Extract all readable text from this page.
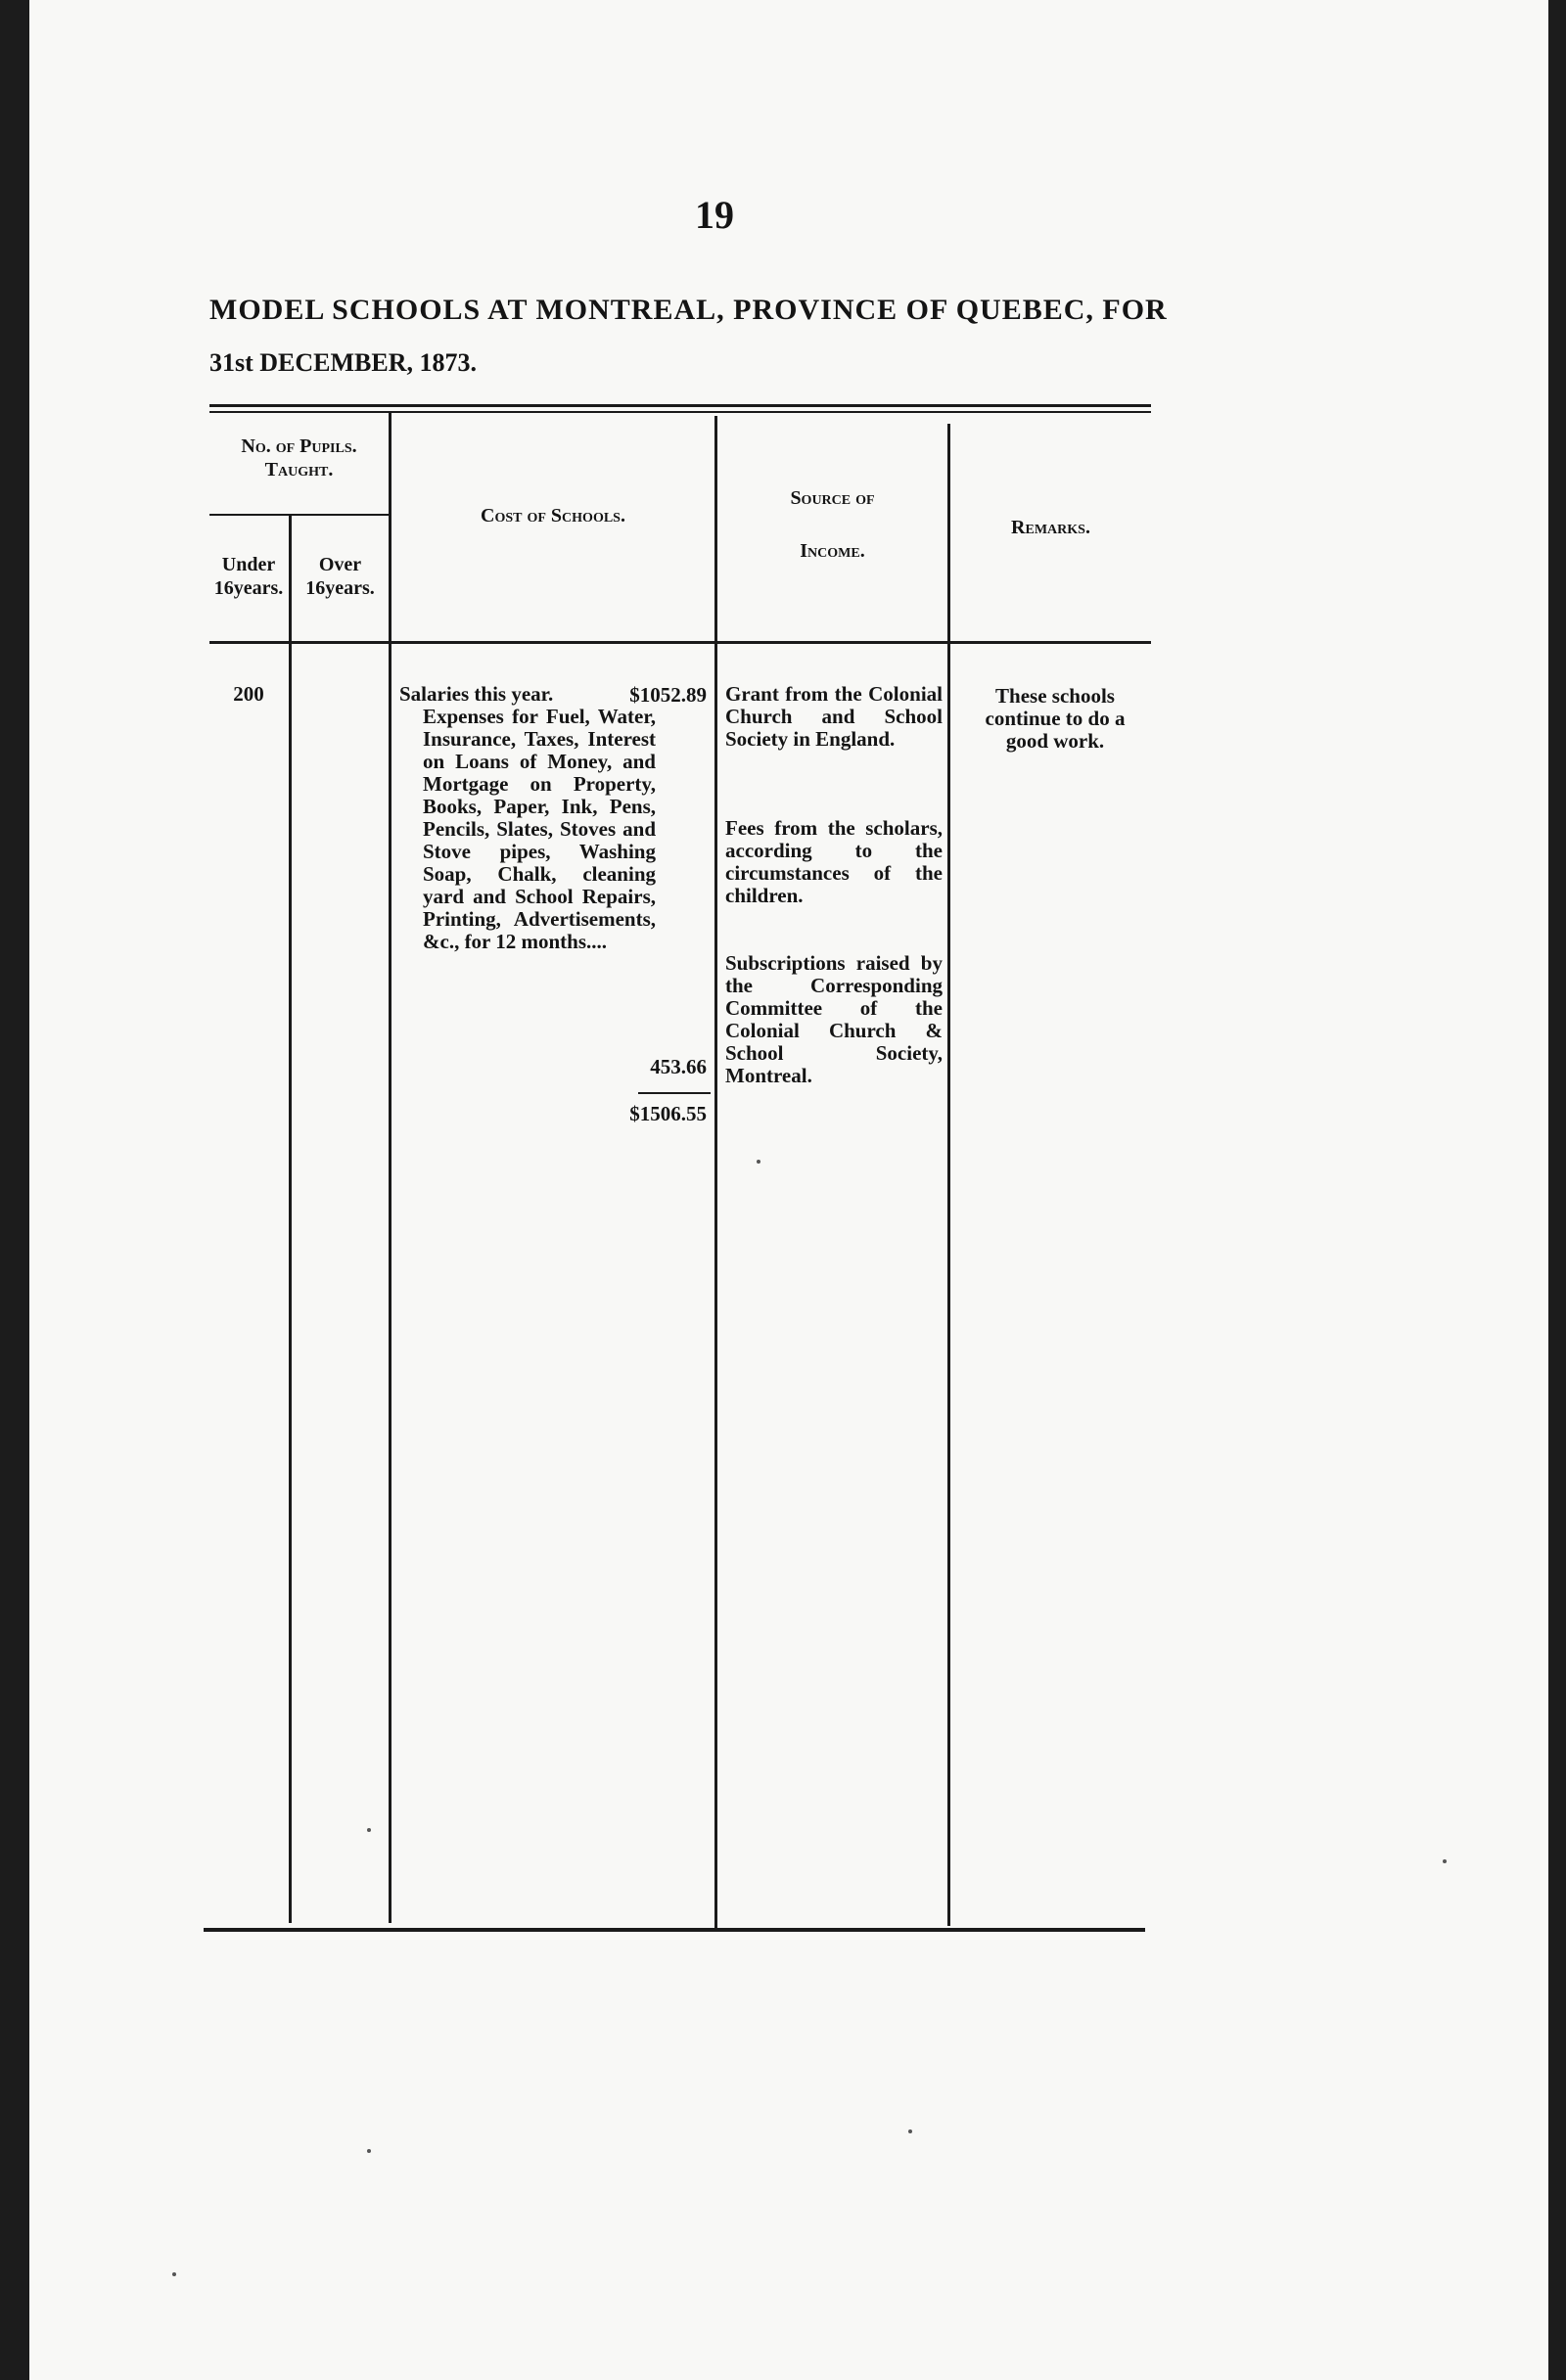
19
MODEL SCHOOLS AT MONTREAL, PROVINCE OF QUEBEC, FOR
31st DECEMBER, 1873.
No. of Pupils. Taught.
Under 16years.
Over 16years.
Cost of Schools.
Source of
Income.
Remarks.
200	Salaries this year.	$1052.89
Expenses for Fuel, Water, Insurance, Taxes, Interest on Loans of Money, and Mortgage on Property, Books, Paper, Ink, Pens, Pencils, Slates, Stoves and Stove pipes, Washing Soap, Chalk, cleaning yard and School Repairs, Printing, Advertisements, &c., for 12 months....
453.66
$1506.55
Grant from the Colonial Church and School Society in England.
Fees from the scholars, according to the circumstances of the children.
Subscriptions raised by the Corresponding Committee of the Colonial Church & School Society, Montreal.
These schools continue to do a good work.
